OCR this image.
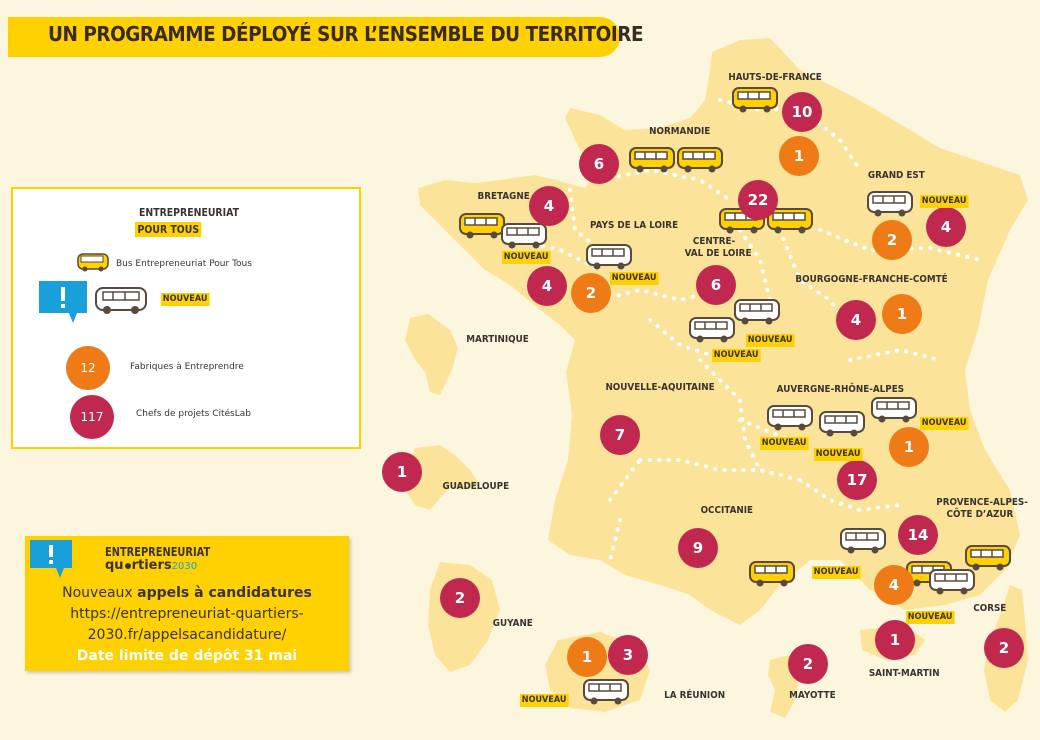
UN PROGRAMME DÉPLOYÉ SUR L’ENSEMBLE DU TERRITOIRE
HAUTS-DE-FRANCE
NORMANDIE
BRETAGNE
PAYS DE LA LOIRE
CENTRE-
VAL DE LOIRE
GRAND EST
BOURGOGNE-FRANCHE-COMTÉ
MARTINIQUE
NOUVELLE-AQUITAINE	AUVERGNE-RHÔNE-ALPES
GUADELOUPE
OCCITANIE
PROVENCE-ALPES-
CÔTE D’AZUR
CORSE
GUYANE
SAINT-MARTIN
LA RÉUNION	MAYOTTE
10
1
6
22
4
4	2	6
2
4
4	1
7
1
17
1
9
14
4
2
2
1
1	3	2
NOUVEAU
NOUVEAU
NOUVEAU
NOUVEAU
NOUVEAU
NOUVEAU
NOUVEAU
NOUVEAU
NOUVEAU
NOUVEAU
NOUVEAU
ENTREPRENEURIAT
POUR TOUS
Bus Entrepreneuriat Pour Tous
NOUVEAU
12	Fabriques à Entreprendre
117	Chefs de projets CitésLab
ENTREPRENEURIAT
qu rtiers2030
Nouveaux appels à candidatures
https://entrepreneuriat-quartiers-
2030.fr/appelsacandidature/
Date limite de dépôt 31 mai
